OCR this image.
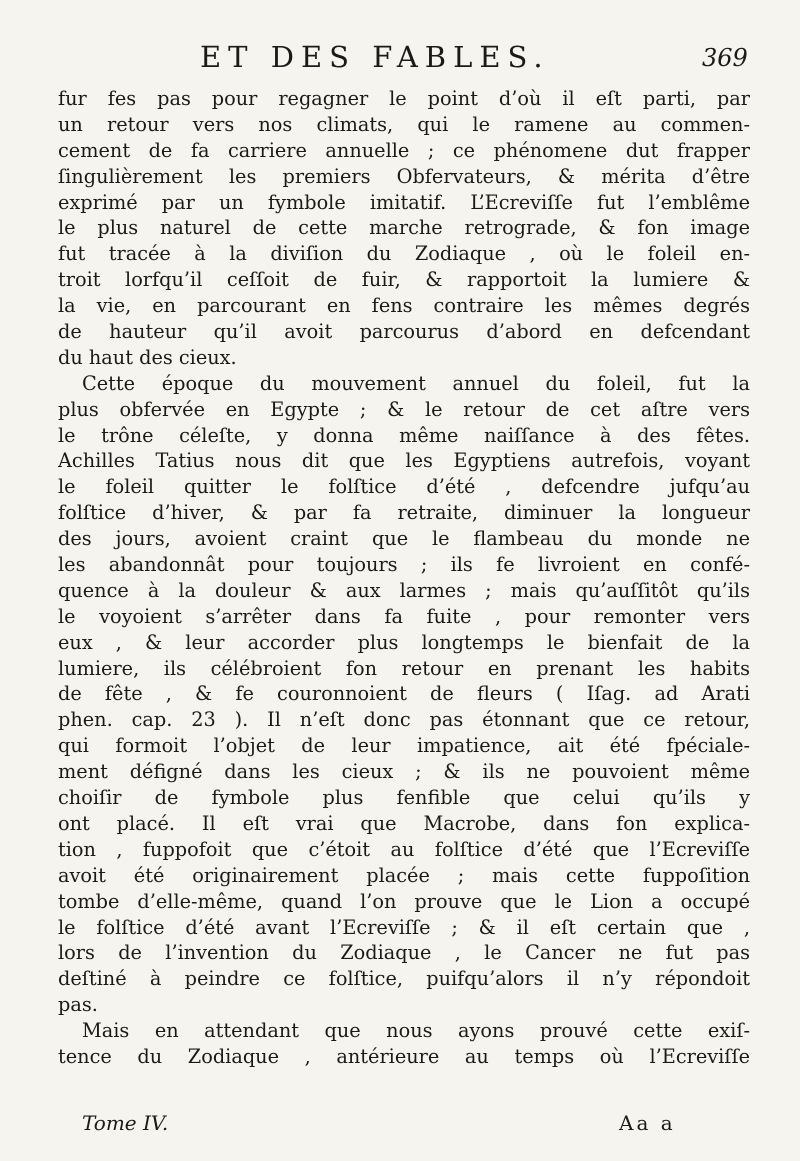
ET DES FABLES.	369
fur fes pas pour regagner le point d’où il eſt parti, par
un retour vers nos climats, qui le ramene au commen-
cement de fa carriere annuelle ; ce phénomene dut frapper
ſingulièrement les premiers Obfervateurs, & mérita d’être
exprimé par un fymbole imitatif. L’Ecreviſſe fut l’emblême
le plus naturel de cette marche retrograde, & fon image
fut tracée à la diviſion du Zodiaque , où le foleil en-
troit lorfqu’il ceſſoit de fuir, & rapportoit la lumiere &
la vie, en parcourant en fens contraire les mêmes degrés
de hauteur qu’il avoit parcourus d’abord en defcendant
du haut des cieux.
Cette époque du mouvement annuel du foleil, fut la
plus obfervée en Egypte ; & le retour de cet aſtre vers
le trône céleſte, y donna même naiſſance à des fêtes.
Achilles Tatius nous dit que les Egyptiens autrefois, voyant
le foleil quitter le folſtice d’été , defcendre jufqu’au
folſtice d’hiver, & par fa retraite, diminuer la longueur
des jours, avoient craint que le flambeau du monde ne
les abandonnât pour toujours ; ils fe livroient en confé-
quence à la douleur & aux larmes ; mais qu’auſſitôt qu’ils
le voyoient s’arrêter dans fa fuite , pour remonter vers
eux , & leur accorder plus longtemps le bienfait de la
lumiere, ils célébroient fon retour en prenant les habits
de fête , & fe couronnoient de fleurs ( Iſag. ad Arati
phen. cap. 23 ). Il n’eſt donc pas étonnant que ce retour,
qui formoit l’objet de leur impatience, ait été fpéciale-
ment défigné dans les cieux ; & ils ne pouvoient même
choiſir de fymbole plus fenfible que celui qu’ils y
ont placé. Il eſt vrai que Macrobe, dans fon explica-
tion , fuppofoit que c’étoit au folſtice d’été que l’Ecreviſſe
avoit été originairement placée ; mais cette fuppoſition
tombe d’elle-même, quand l’on prouve que le Lion a occupé
le folſtice d’été avant l’Ecreviſſe ; & il eſt certain que ,
lors de l’invention du Zodiaque , le Cancer ne fut pas
deſtiné à peindre ce folſtice, puifqu’alors il n’y répondoit
pas.
Mais en attendant que nous ayons prouvé cette exiſ-
tence du Zodiaque , antérieure au temps où l’Ecreviſſe
Tome IV.	Aa a
